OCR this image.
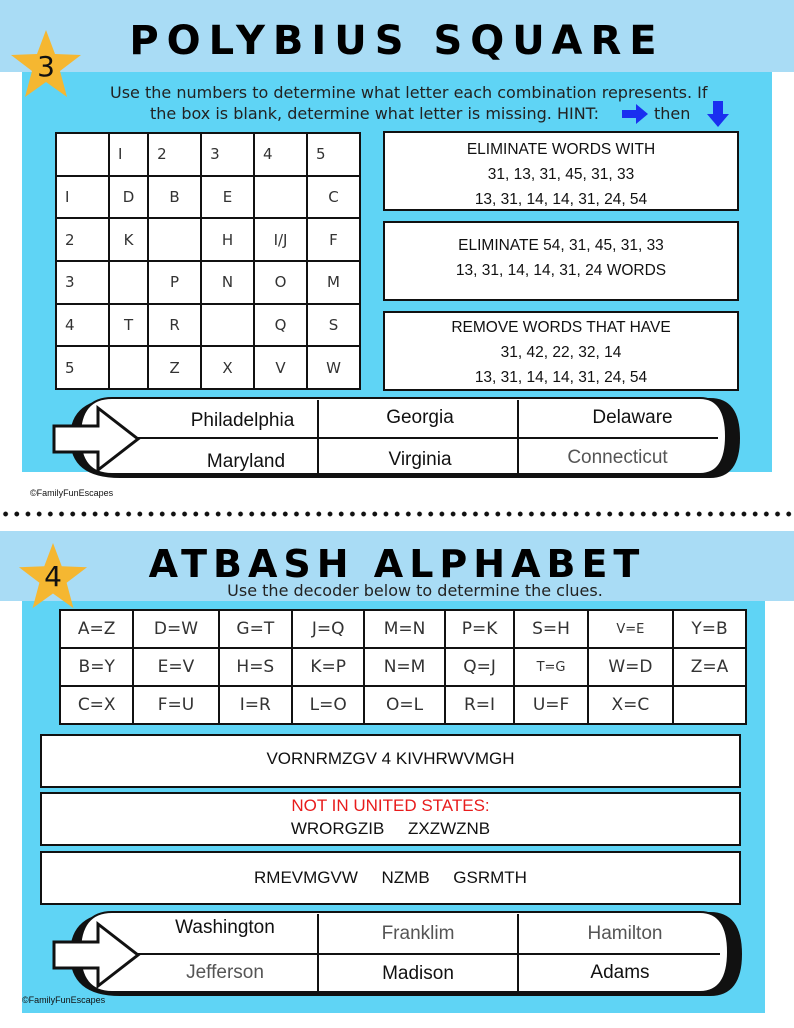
POLYBIUS SQUARE
3
Use the numbers to determine what letter each combination represents. If
the box is blank, determine what letter is missing. HINT:	then
	I	2	3	4	5
I	D	B	E		C
2	K		H	I/J	F
3		P	N	O	M
4	T	R		Q	S
5		Z	X	V	W
ELIMINATE WORDS WITH
31, 13, 31, 45, 31, 33
13, 31, 14, 14, 31, 24, 54
ELIMINATE 54, 31, 45, 31, 33
13, 31, 14, 14, 31, 24 WORDS
REMOVE WORDS THAT HAVE
31, 42, 22, 32, 14
13, 31, 14, 14, 31, 24, 54
Philadelphia	Georgia	Delaware
Maryland	Virginia	Connecticut
©FamilyFunEscapes
ATBASH ALPHABET
Use the decoder below to determine the clues.
4
A=Z	D=W	G=T	J=Q	M=N	P=K	S=H	V=E	Y=B
B=Y	E=V	H=S	K=P	N=M	Q=J	T=G	W=D	Z=A
C=X	F=U	I=R	L=O	O=L	R=I	U=F	X=C	
VORNRMZGV 4 KIVHRWVMGH
NOT IN UNITED STATES:
WRORGZIB     ZXZWZNB
RMEVMGVW     NZMB     GSRMTH
Washington	Franklim	Hamilton
Jefferson	Madison	Adams
©FamilyFunEscapes
